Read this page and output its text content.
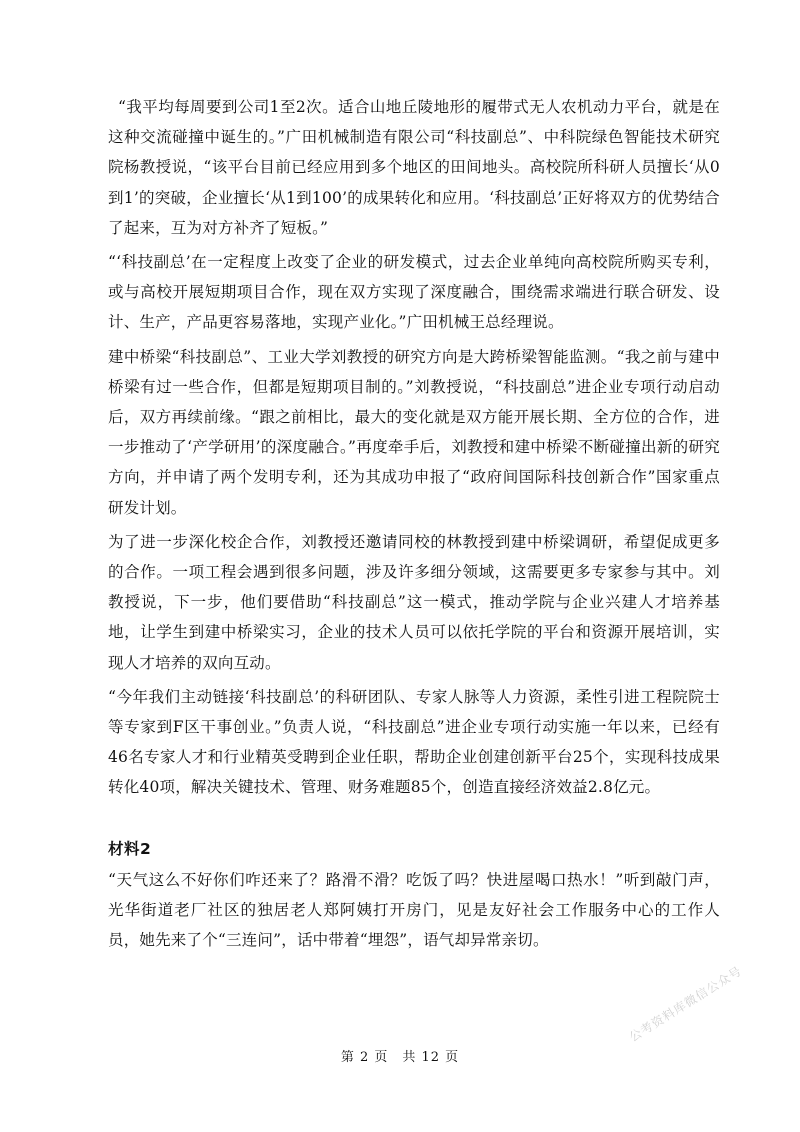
“我平均每周要到公司1至2次。适合山地丘陵地形的履带式无人农机动力平台，就是在这种交流碰撞中诞生的。”广田机械制造有限公司“科技副总”、中科院绿色智能技术研究院杨教授说，“该平台目前已经应用到多个地区的田间地头。高校院所科研人员擅长‘从0到1’的突破，企业擅长‘从1到100’的成果转化和应用。‘科技副总’正好将双方的优势结合了起来，互为对方补齐了短板。”

“‘科技副总’在一定程度上改变了企业的研发模式，过去企业单纯向高校院所购买专利，或与高校开展短期项目合作，现在双方实现了深度融合，围绕需求端进行联合研发、设计、生产，产品更容易落地，实现产业化。”广田机械王总经理说。

建中桥梁“科技副总”、工业大学刘教授的研究方向是大跨桥梁智能监测。“我之前与建中桥梁有过一些合作，但都是短期项目制的。”刘教授说，“科技副总”进企业专项行动启动后，双方再续前缘。“跟之前相比，最大的变化就是双方能开展长期、全方位的合作，进一步推动了‘产学研用’的深度融合。”再度牵手后，刘教授和建中桥梁不断碰撞出新的研究方向，并申请了两个发明专利，还为其成功申报了“政府间国际科技创新合作”国家重点研发计划。

为了进一步深化校企合作，刘教授还邀请同校的林教授到建中桥梁调研，希望促成更多的合作。一项工程会遇到很多问题，涉及许多细分领域，这需要更多专家参与其中。刘教授说，下一步，他们要借助“科技副总”这一模式，推动学院与企业兴建人才培养基地，让学生到建中桥梁实习，企业的技术人员可以依托学院的平台和资源开展培训，实现人才培养的双向互动。

“今年我们主动链接‘科技副总’的科研团队、专家人脉等人力资源，柔性引进工程院院士等专家到F区干事创业。”负责人说，“科技副总”进企业专项行动实施一年以来，已经有46名专家人才和行业精英受聘到企业任职，帮助企业创建创新平台25个，实现科技成果转化40项，解决关键技术、管理、财务难题85个，创造直接经济效益2.8亿元。

材料2

“天气这么不好你们咋还来了？路滑不滑？吃饭了吗？快进屋喝口热水！”听到敲门声，光华街道老厂社区的独居老人郑阿姨打开房门，见是友好社会工作服务中心的工作人员，她先来了个“三连问”，话中带着“埋怨”，语气却异常亲切。

第 2 页　共 12 页
公考资料库微信公众号
